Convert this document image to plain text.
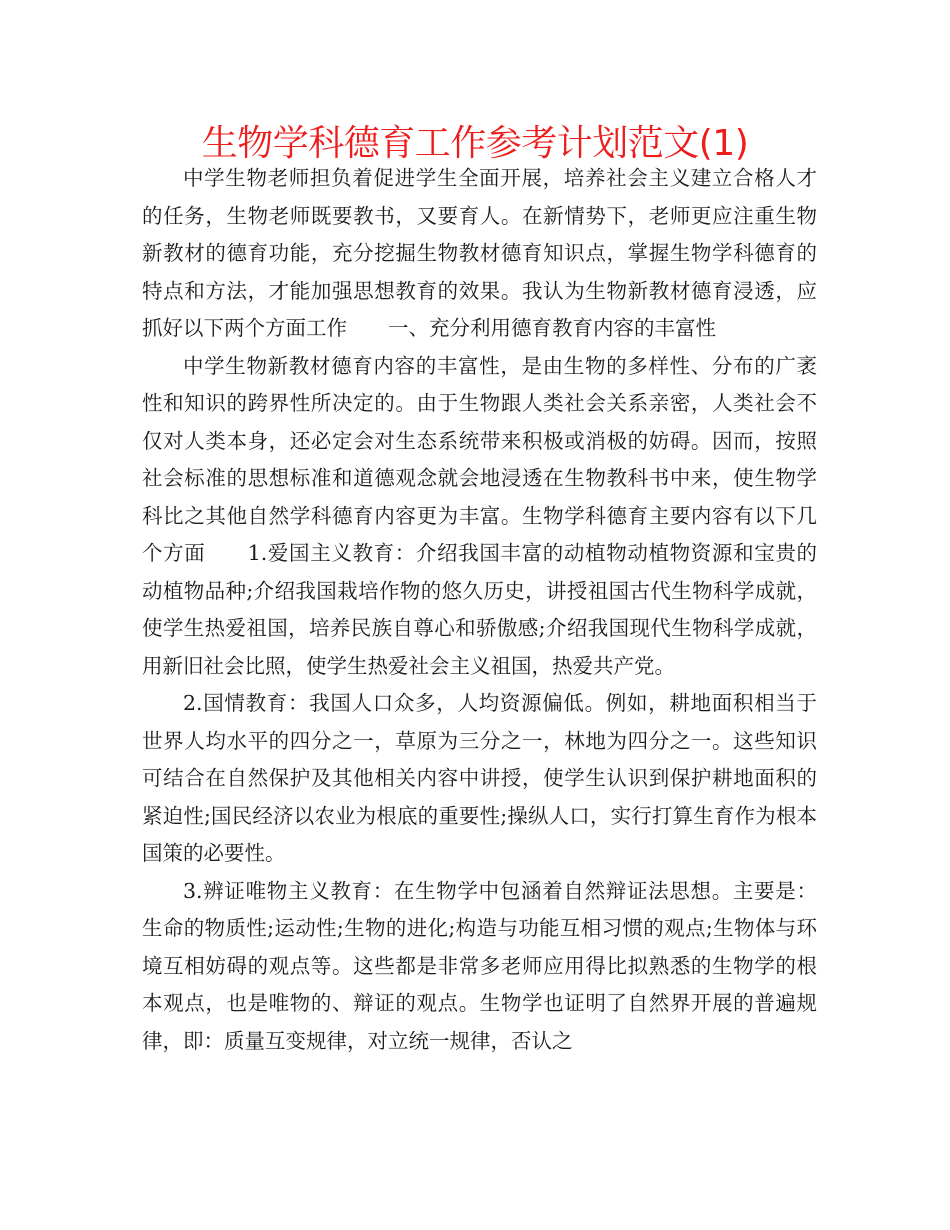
生物学科德育工作参考计划范文(1)

中学生物老师担负着促进学生全面开展，培养社会主义建立合格人才的任务，生物老师既要教书，又要育人。在新情势下，老师更应注重生物新教材的德育功能，充分挖掘生物教材德育知识点，掌握生物学科德育的特点和方法，才能加强思想教育的效果。我认为生物新教材德育浸透，应抓好以下两个方面工作　　一、充分利用德育教育内容的丰富性

中学生物新教材德育内容的丰富性，是由生物的多样性、分布的广袤性和知识的跨界性所决定的。由于生物跟人类社会关系亲密，人类社会不仅对人类本身，还必定会对生态系统带来积极或消极的妨碍。因而，按照社会标准的思想标准和道德观念就会地浸透在生物教科书中来，使生物学科比之其他自然学科德育内容更为丰富。生物学科德育主要内容有以下几个方面　　1.爱国主义教育：介绍我国丰富的动植物动植物资源和宝贵的动植物品种;介绍我国栽培作物的悠久历史，讲授祖国古代生物科学成就，使学生热爱祖国，培养民族自尊心和骄傲感;介绍我国现代生物科学成就，用新旧社会比照，使学生热爱社会主义祖国，热爱共产党。

2.国情教育：我国人口众多，人均资源偏低。例如，耕地面积相当于世界人均水平的四分之一，草原为三分之一，林地为四分之一。这些知识可结合在自然保护及其他相关内容中讲授，使学生认识到保护耕地面积的紧迫性;国民经济以农业为根底的重要性;操纵人口，实行打算生育作为根本国策的必要性。

3.辨证唯物主义教育：在生物学中包涵着自然辩证法思想。主要是：生命的物质性;运动性;生物的进化;构造与功能互相习惯的观点;生物体与环境互相妨碍的观点等。这些都是非常多老师应用得比拟熟悉的生物学的根本观点，也是唯物的、辩证的观点。生物学也证明了自然界开展的普遍规律，即：质量互变规律，对立统一规律，否认之
